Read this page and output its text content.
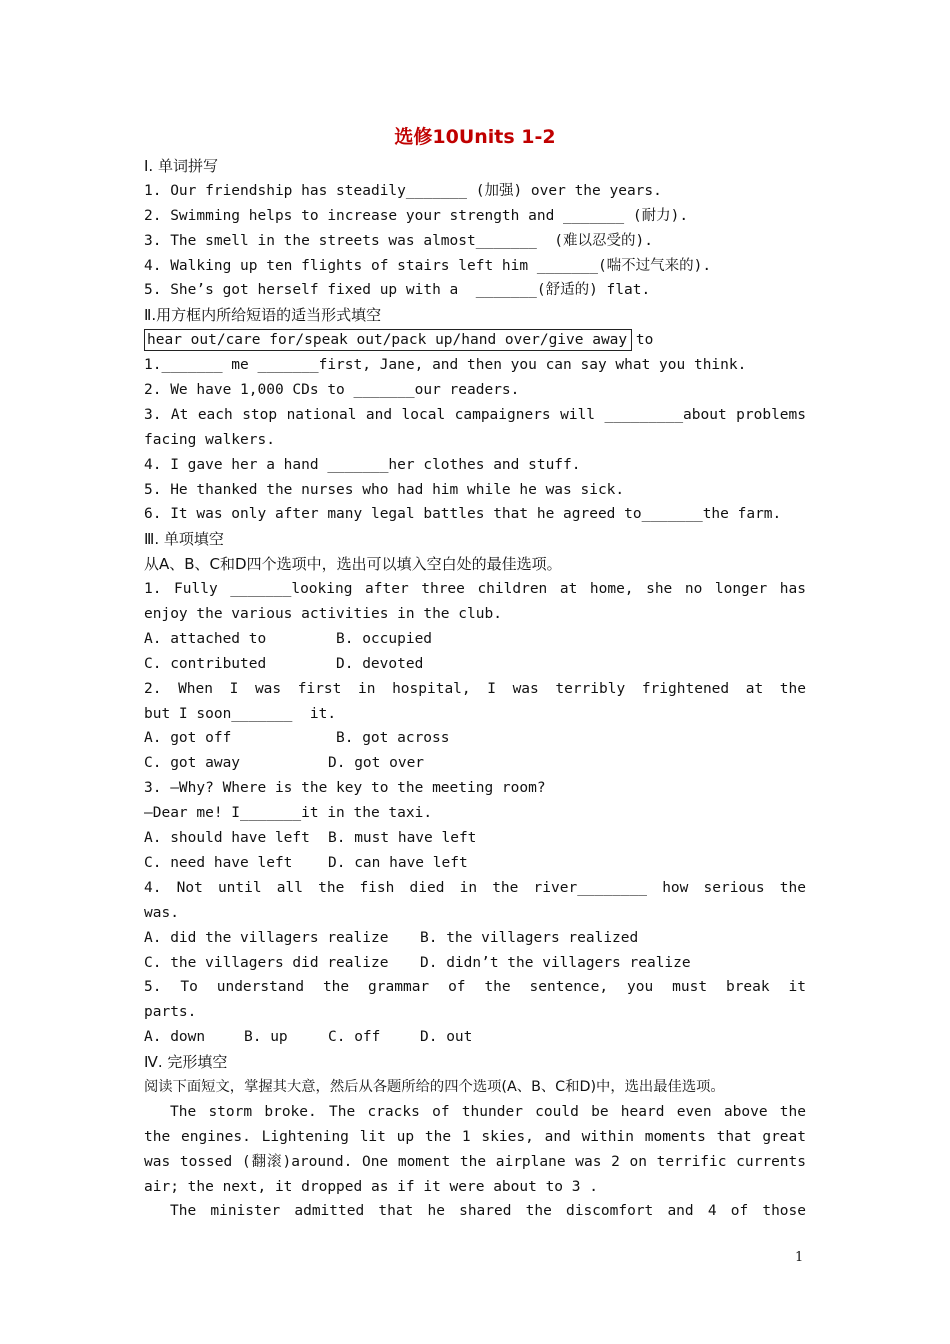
选修10Units 1-2
Ⅰ. 单词拼写
1. Our friendship has steadily_______ (加强) over the years.
2. Swimming helps to increase your strength and _______ (耐力).
3. The smell in the streets was almost_______  (难以忍受的).
4. Walking up ten flights of stairs left him _______(喘不过气来的).
5. She’s got herself fixed up with a  _______(舒适的) flat.
Ⅱ.用方框内所给短语的适当形式填空
hear out/care for/speak out/pack up/hand over/give away to
1._______ me _______first, Jane, and then you can say what you think.
2. We have 1,000 CDs to _______our readers.
3. At each stop national and local campaigners will _________about problems
facing walkers.
4. I gave her a hand _______her clothes and stuff.
5. He thanked the nurses who had him while he was sick.
6. It was only after many legal battles that he agreed to_______the farm.
Ⅲ. 单项填空
从A、B、C和D四个选项中，选出可以填入空白处的最佳选项。
1. Fully _______looking after three children at home, she no longer has
enjoy the various activities in the club.
A. attached to	B. occupied
C. contributed	D. devoted
2. When I was first in hospital, I was terribly frightened at the
but I soon_______  it.
A. got off	B. got across
C. got away	D. got over
3. —Why? Where is the key to the meeting room?
—Dear me! I_______it in the taxi.
A. should have left B. must have left
C. need have left D. can have left
4. Not until all the fish died in the river________ how serious the
was.
A. did the villagers realize B. the villagers realized
C. the villagers did realize D. didn’t the villagers realize
5. To understand the grammar of the sentence, you must break it
parts.
A. down	B. up	C. off	D. out
Ⅳ. 完形填空
阅读下面短文，掌握其大意，然后从各题所给的四个选项(A、B、C和D)中，选出最佳选项。
The storm broke. The cracks of thunder could be heard even above the
the engines. Lightening lit up the 1 skies, and within moments that great
was tossed (翻滚)around. One moment the airplane was 2 on terrific currents
air; the next, it dropped as if it were about to 3 .
The minister admitted that he shared the discomfort and 4 of those
1
